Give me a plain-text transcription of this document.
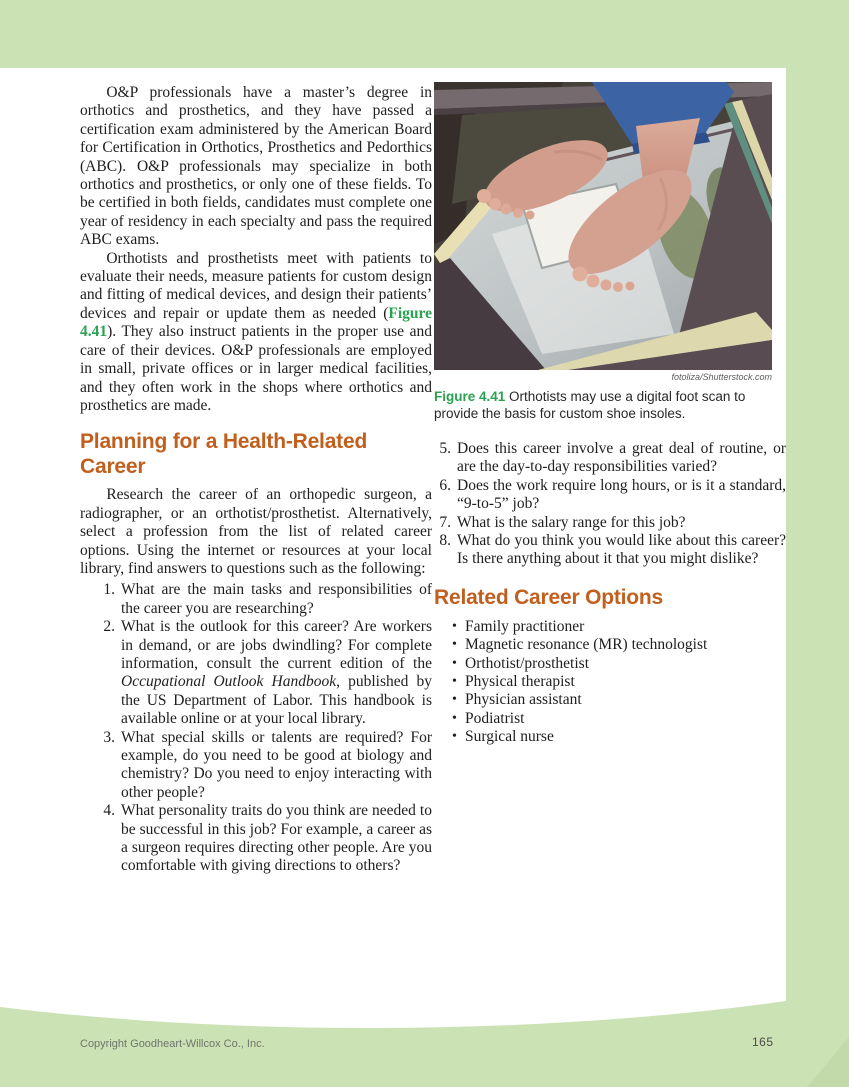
O&P professionals have a master’s degree in orthotics and prosthetics, and they have passed a certification exam administered by the American Board for Certification in Orthotics, Prosthetics and Pedorthics (ABC). O&P professionals may specialize in both orthotics and prosthetics, or only one of these fields. To be certified in both fields, candidates must complete one year of residency in each specialty and pass the required ABC exams.

Orthotists and prosthetists meet with patients to evaluate their needs, measure patients for custom design and fitting of medical devices, and design their patients’ devices and repair or update them as needed (Figure 4.41). They also instruct patients in the proper use and care of their devices. O&P professionals are employed in small, private offices or in larger medical facilities, and they often work in the shops where orthotics and prosthetics are made.

Planning for a Health-Related Career

Research the career of an orthopedic surgeon, a radiographer, or an orthotist/prosthetist. Alternatively, select a profession from the list of related career options. Using the internet or resources at your local library, find answers to questions such as the following:

1. What are the main tasks and responsibilities of the career you are researching?
2. What is the outlook for this career? Are workers in demand, or are jobs dwindling? For complete information, consult the current edition of the Occupational Outlook Handbook, published by the US Department of Labor. This handbook is available online or at your local library.
3. What special skills or talents are required? For example, do you need to be good at biology and chemistry? Do you need to enjoy interacting with other people?
4. What personality traits do you think are needed to be successful in this job? For example, a career as a surgeon requires directing other people. Are you comfortable with giving directions to others?
fotoliza/Shutterstock.com

Figure 4.41 Orthotists may use a digital foot scan to provide the basis for custom shoe insoles.

5. Does this career involve a great deal of routine, or are the day-to-day responsibilities varied?
6. Does the work require long hours, or is it a standard, “9-to-5” job?
7. What is the salary range for this job?
8. What do you think you would like about this career? Is there anything about it that you might dislike?
Related Career Options
• Family practitioner
• Magnetic resonance (MR) technologist
• Orthotist/prosthetist
• Physical therapist
• Physician assistant
• Podiatrist
• Surgical nurse
Copyright Goodheart-Willcox Co., Inc.	165
